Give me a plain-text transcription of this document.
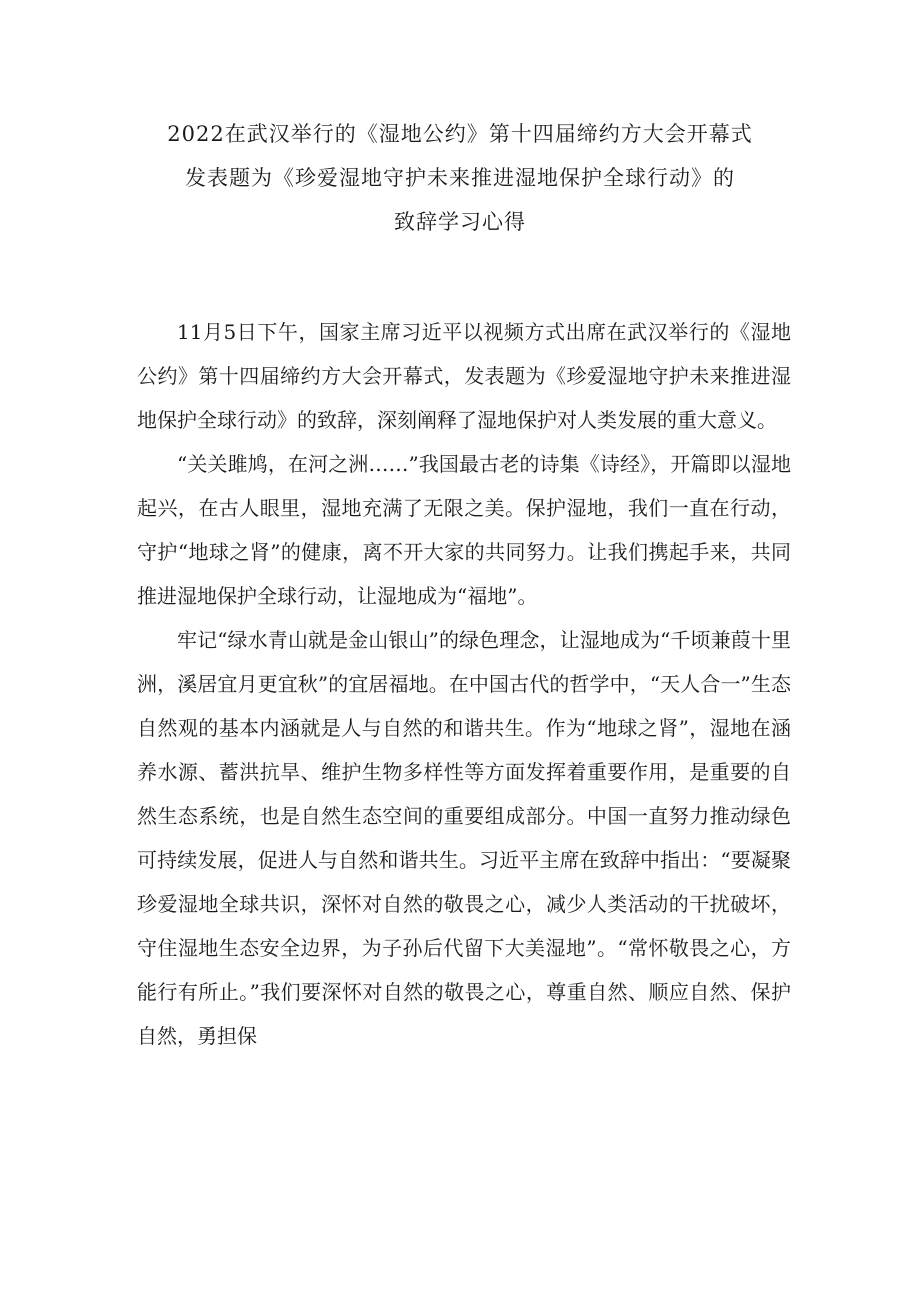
2022在武汉举行的《湿地公约》第十四届缔约方大会开幕式
发表题为《珍爱湿地守护未来推进湿地保护全球行动》的
致辞学习心得

11月5日下午，国家主席习近平以视频方式出席在武汉举行的《湿地公约》第十四届缔约方大会开幕式，发表题为《珍爱湿地守护未来推进湿地保护全球行动》的致辞，深刻阐释了湿地保护对人类发展的重大意义。

“关关雎鸠，在河之洲……”我国最古老的诗集《诗经》，开篇即以湿地起兴，在古人眼里，湿地充满了无限之美。保护湿地，我们一直在行动，守护“地球之肾”的健康，离不开大家的共同努力。让我们携起手来，共同推进湿地保护全球行动，让湿地成为“福地”。

牢记“绿水青山就是金山银山”的绿色理念，让湿地成为“千顷兼葭十里洲，溪居宜月更宜秋”的宜居福地。在中国古代的哲学中，“天人合一”生态自然观的基本内涵就是人与自然的和谐共生。作为“地球之肾”，湿地在涵养水源、蓄洪抗旱、维护生物多样性等方面发挥着重要作用，是重要的自然生态系统，也是自然生态空间的重要组成部分。中国一直努力推动绿色可持续发展，促进人与自然和谐共生。习近平主席在致辞中指出：“要凝聚珍爱湿地全球共识，深怀对自然的敬畏之心，减少人类活动的干扰破坏，守住湿地生态安全边界，为子孙后代留下大美湿地”。“常怀敬畏之心，方能行有所止。”我们要深怀对自然的敬畏之心，尊重自然、顺应自然、保护自然，勇担保
